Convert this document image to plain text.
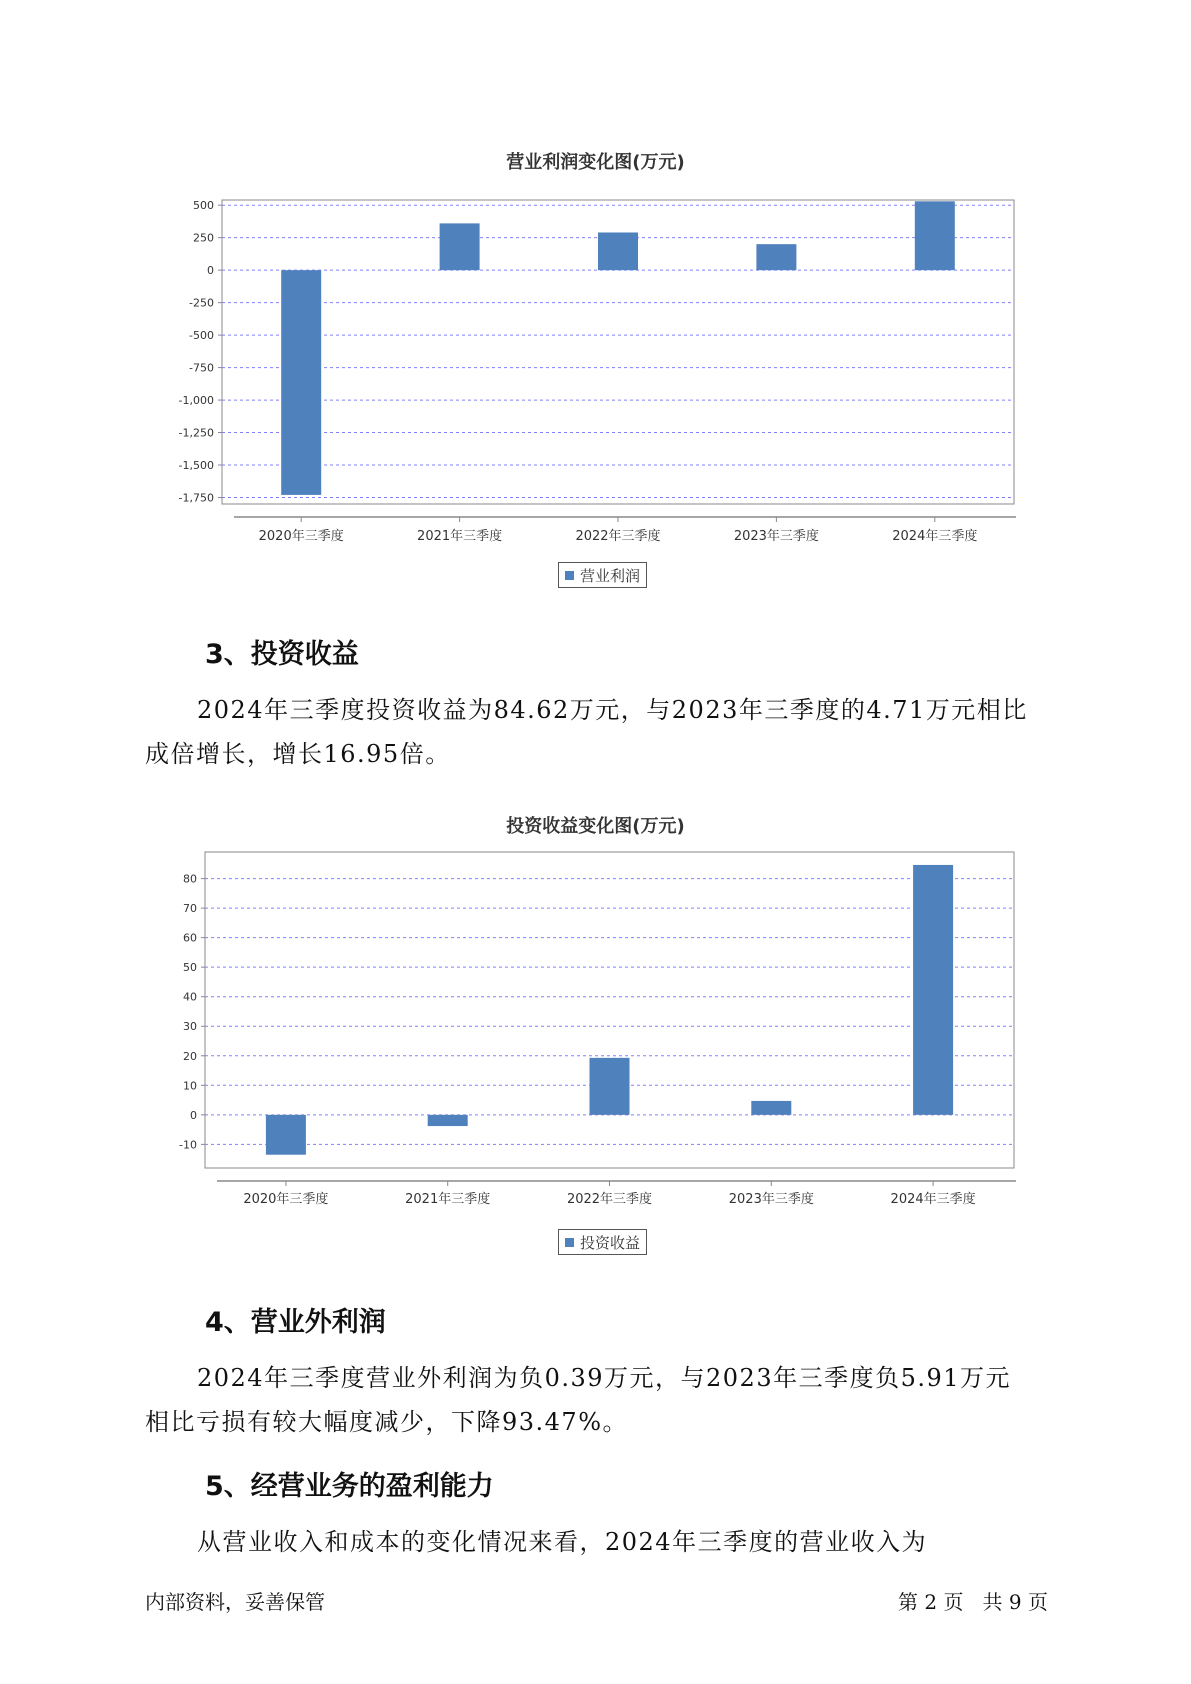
营业利润变化图(万元)
500
250
0
-250
-500
-750
-1,000
-1,250
-1,500
-1,750
2020年三季度	2021年三季度	2022年三季度	2023年三季度	2024年三季度
营业利润
3、投资收益
2024年三季度投资收益为84.62万元，与2023年三季度的4.71万元相比
成倍增长，增长16.95倍。
投资收益变化图(万元)
80
70
60
50
40
30
20
10
0
-10
2020年三季度	2021年三季度	2022年三季度	2023年三季度	2024年三季度
投资收益
4、营业外利润
2024年三季度营业外利润为负0.39万元，与2023年三季度负5.91万元
相比亏损有较大幅度减少，下降93.47%。
5、经营业务的盈利能力
从营业收入和成本的变化情况来看，2024年三季度的营业收入为
内部资料，妥善保管	第 2 页   共 9 页
